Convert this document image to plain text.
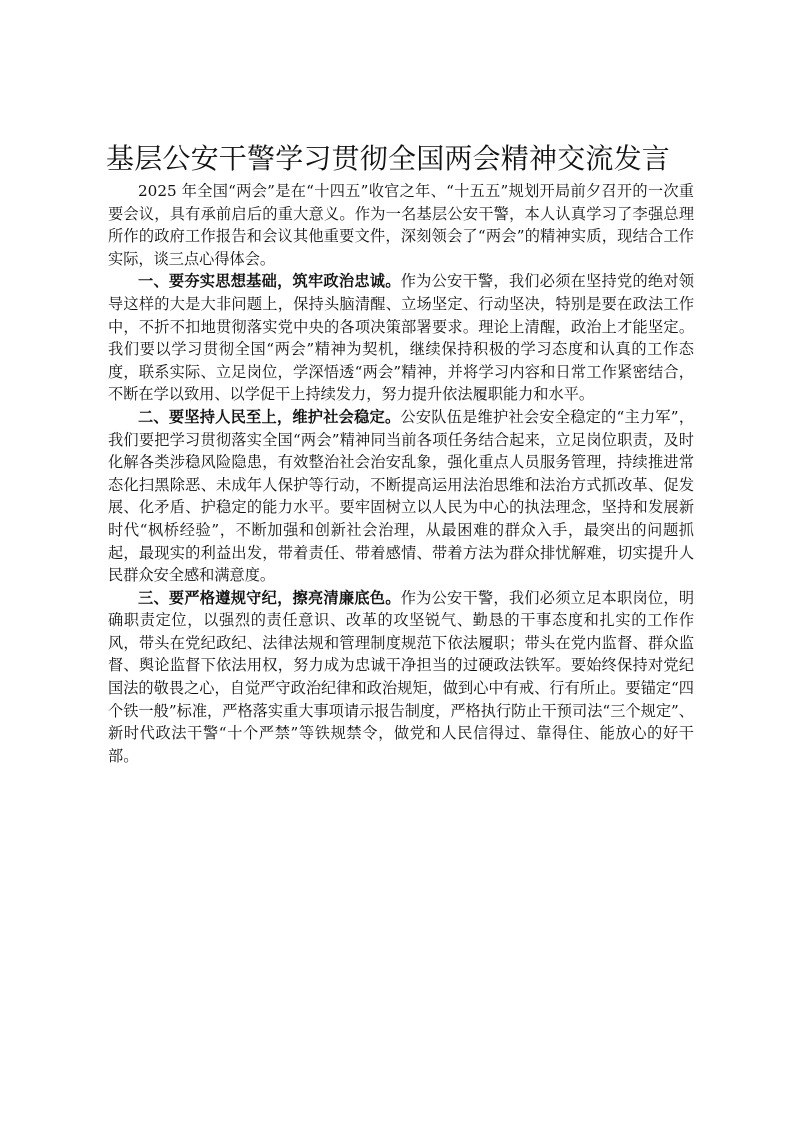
基层公安干警学习贯彻全国两会精神交流发言

2025 年全国“两会”是在“十四五”收官之年、“十五五”规划开局前夕召开的一次重要会议，具有承前启后的重大意义。作为一名基层公安干警，本人认真学习了李强总理所作的政府工作报告和会议其他重要文件，深刻领会了“两会”的精神实质，现结合工作实际，谈三点心得体会。

一、要夯实思想基础，筑牢政治忠诚。作为公安干警，我们必须在坚持党的绝对领导这样的大是大非问题上，保持头脑清醒、立场坚定、行动坚决，特别是要在政法工作中，不折不扣地贯彻落实党中央的各项决策部署要求。理论上清醒，政治上才能坚定。我们要以学习贯彻全国“两会”精神为契机，继续保持积极的学习态度和认真的工作态度，联系实际、立足岗位，学深悟透“两会”精神，并将学习内容和日常工作紧密结合，不断在学以致用、以学促干上持续发力，努力提升依法履职能力和水平。

二、要坚持人民至上，维护社会稳定。公安队伍是维护社会安全稳定的“主力军”，我们要把学习贯彻落实全国“两会”精神同当前各项任务结合起来，立足岗位职责，及时化解各类涉稳风险隐患，有效整治社会治安乱象，强化重点人员服务管理，持续推进常态化扫黑除恶、未成年人保护等行动，不断提高运用法治思维和法治方式抓改革、促发展、化矛盾、护稳定的能力水平。要牢固树立以人民为中心的执法理念，坚持和发展新时代“枫桥经验”，不断加强和创新社会治理，从最困难的群众入手，最突出的问题抓起，最现实的利益出发，带着责任、带着感情、带着方法为群众排忧解难，切实提升人民群众安全感和满意度。

三、要严格遵规守纪，擦亮清廉底色。作为公安干警，我们必须立足本职岗位，明确职责定位，以强烈的责任意识、改革的攻坚锐气、勤恳的干事态度和扎实的工作作风，带头在党纪政纪、法律法规和管理制度规范下依法履职；带头在党内监督、群众监督、舆论监督下依法用权，努力成为忠诚干净担当的过硬政法铁军。要始终保持对党纪国法的敬畏之心，自觉严守政治纪律和政治规矩，做到心中有戒、行有所止。要锚定“四个铁一般”标准，严格落实重大事项请示报告制度，严格执行防止干预司法“三个规定”、新时代政法干警“十个严禁”等铁规禁令，做党和人民信得过、靠得住、能放心的好干部。
